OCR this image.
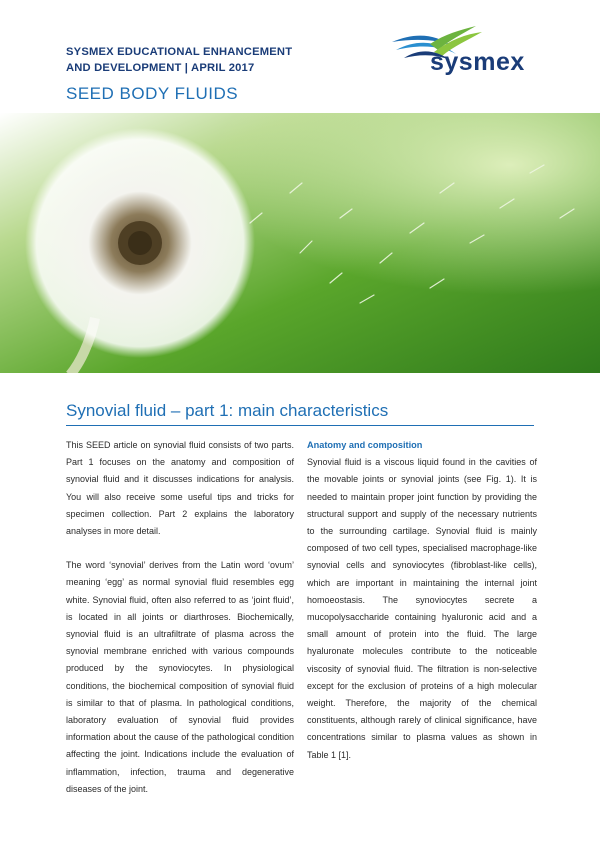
SYSMEX EDUCATIONAL ENHANCEMENT
AND DEVELOPMENT | APRIL 2017
SEED BODY FLUIDS
sysmex
Synovial fluid – part 1: main characteristics

This SEED article on synovial fluid consists of two parts. Part 1 focuses on the anatomy and composition of synovial fluid and it discusses indications for analysis. You will also receive some useful tips and tricks for specimen collection. Part 2 explains the laboratory analyses in more detail.

The word ‘synovial’ derives from the Latin word ‘ovum’ meaning ‘egg’ as normal synovial fluid resembles egg white. Synovial fluid, often also referred to as ‘joint fluid’, is located in all joints or diarthroses. Biochemically, synovial fluid is an ultrafiltrate of plasma across the synovial membrane enriched with various compounds produced by the synoviocytes. In physiological conditions, the biochemical composition of synovial fluid is similar to that of plasma. In pathological conditions, laboratory evaluation of synovial fluid provides information about the cause of the pathological condition affecting the joint. Indications include the evaluation of inflammation, infection, trauma and degenerative diseases of the joint.

Anatomy and composition

Synovial fluid is a viscous liquid found in the cavities of the movable joints or synovial joints (see Fig. 1). It is needed to maintain proper joint function by providing the structural support and supply of the necessary nutrients to the surrounding cartilage. Synovial fluid is mainly composed of two cell types, specialised macrophage-like synovial cells and synoviocytes (fibroblast-like cells), which are important in maintaining the internal joint homoeostasis. The synoviocytes secrete a mucopolysaccharide containing hyaluronic acid and a small amount of protein into the fluid. The large hyaluronate molecules contribute to the noticeable viscosity of synovial fluid. The filtration is non-selective except for the exclusion of proteins of a high molecular weight. Therefore, the majority of the chemical constituents, although rarely of clinical significance, have concentrations similar to plasma values as shown in Table 1 [1].
